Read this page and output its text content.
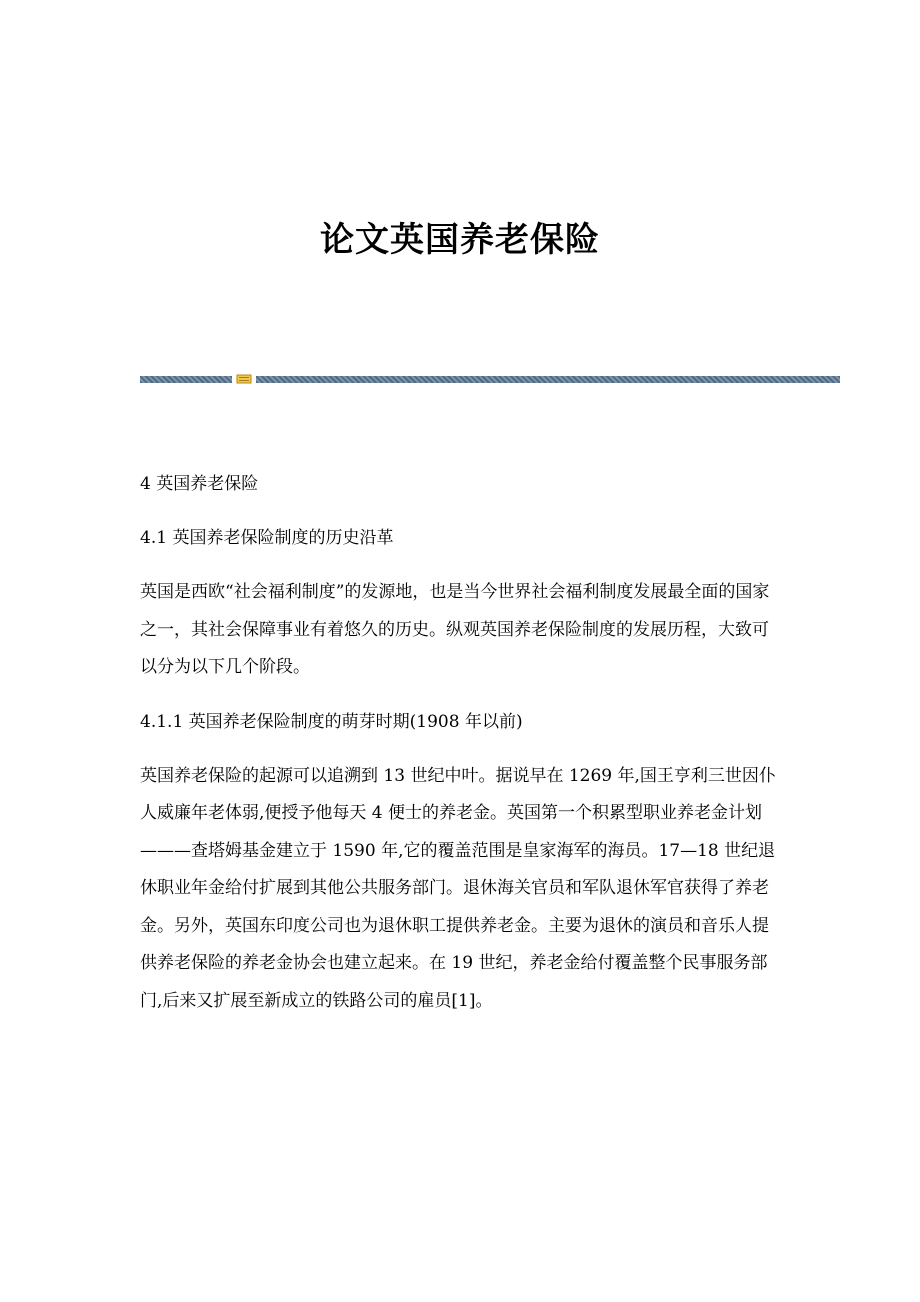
论文英国养老保险

4 英国养老保险

4.1 英国养老保险制度的历史沿革

英国是西欧“社会福利制度”的发源地，也是当今世界社会福利制度发展最全面的国家之一，其社会保障事业有着悠久的历史。纵观英国养老保险制度的发展历程，大致可以分为以下几个阶段。

4.1.1 英国养老保险制度的萌芽时期(1908 年以前)

英国养老保险的起源可以追溯到 13 世纪中叶。据说早在 1269 年,国王亨利三世因仆人威廉年老体弱,便授予他每天 4 便士的养老金。英国第一个积累型职业养老金计划———查塔姆基金建立于 1590 年,它的覆盖范围是皇家海军的海员。17—18 世纪退休职业年金给付扩展到其他公共服务部门。退休海关官员和军队退休军官获得了养老金。另外，英国东印度公司也为退休职工提供养老金。主要为退休的演员和音乐人提供养老保险的养老金协会也建立起来。在 19 世纪，养老金给付覆盖整个民事服务部门,后来又扩展至新成立的铁路公司的雇员[1]。
